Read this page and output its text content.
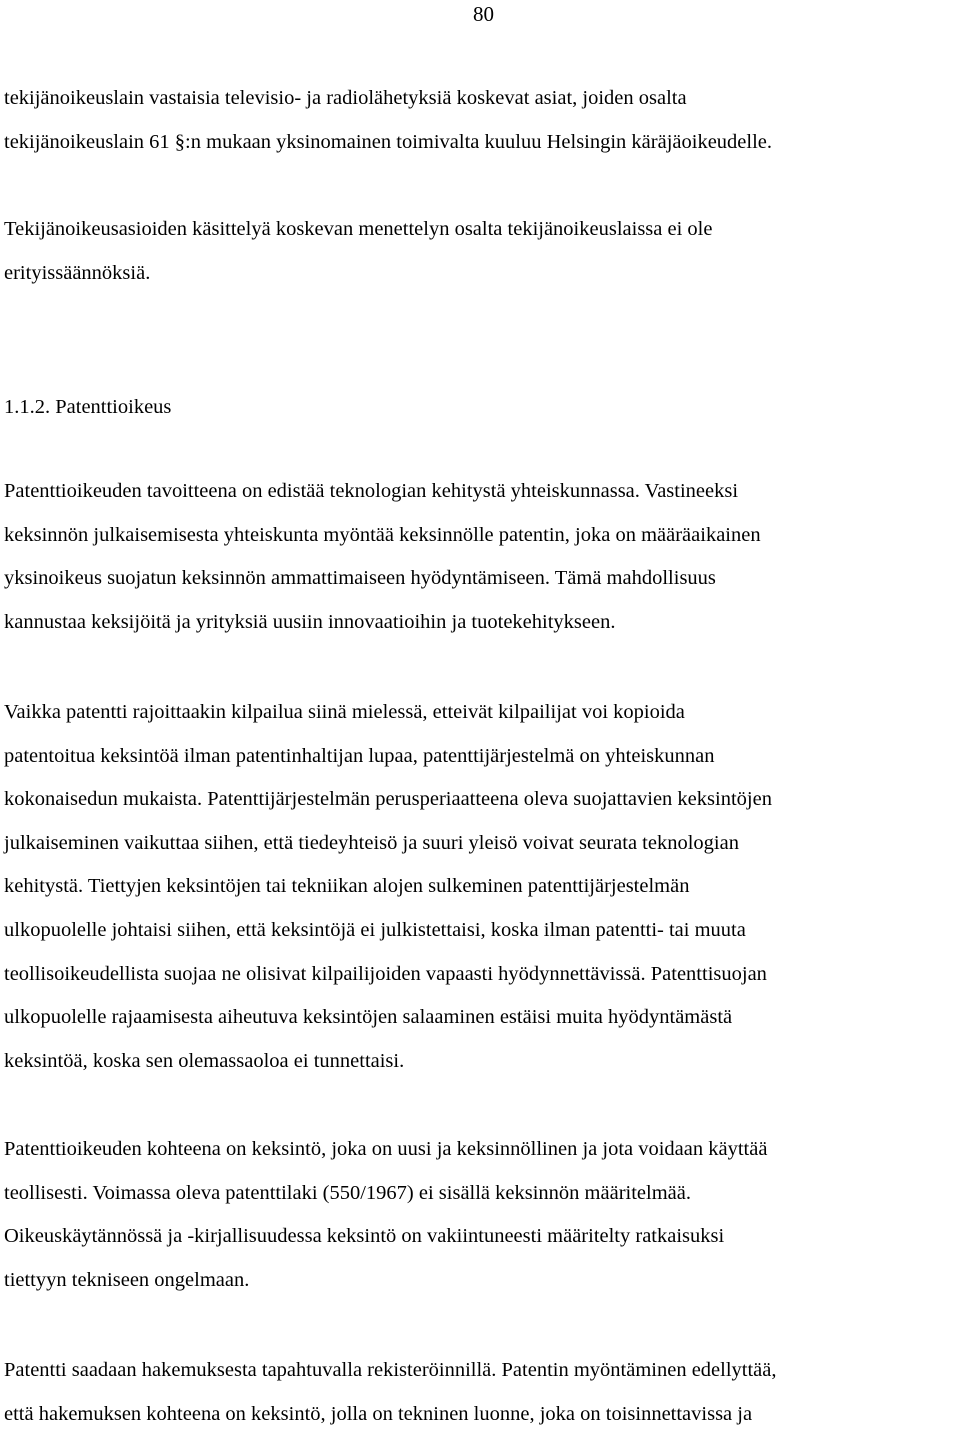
80

tekijänoikeuslain vastaisia televisio- ja radiolähetyksiä koskevat asiat, joiden osalta
tekijänoikeuslain 61 §:n mukaan yksinomainen toimivalta kuuluu Helsingin käräjäoikeudelle.

Tekijänoikeusasioiden käsittelyä koskevan menettelyn osalta tekijänoikeuslaissa ei ole
erityissäännöksiä.

1.1.2. Patenttioikeus

Patenttioikeuden tavoitteena on edistää teknologian kehitystä yhteiskunnassa. Vastineeksi
keksinnön julkaisemisesta yhteiskunta myöntää keksinnölle patentin, joka on määräaikainen
yksinoikeus suojatun keksinnön ammattimaiseen hyödyntämiseen. Tämä mahdollisuus
kannustaa keksijöitä ja yrityksiä uusiin innovaatioihin ja tuotekehitykseen.

Vaikka patentti rajoittaakin kilpailua siinä mielessä, etteivät kilpailijat voi kopioida
patentoitua keksintöä ilman patentinhaltijan lupaa, patenttijärjestelmä on yhteiskunnan
kokonaisedun mukaista. Patenttijärjestelmän perusperiaatteena oleva suojattavien keksintöjen
julkaiseminen vaikuttaa siihen, että tiedeyhteisö ja suuri yleisö voivat seurata teknologian
kehitystä. Tiettyjen keksintöjen tai tekniikan alojen sulkeminen patenttijärjestelmän
ulkopuolelle johtaisi siihen, että keksintöjä ei julkistettaisi, koska ilman patentti- tai muuta
teollisoikeudellista suojaa ne olisivat kilpailijoiden vapaasti hyödynnettävissä. Patenttisuojan
ulkopuolelle rajaamisesta aiheutuva keksintöjen salaaminen estäisi muita hyödyntämästä
keksintöä, koska sen olemassaoloa ei tunnettaisi.

Patenttioikeuden kohteena on keksintö, joka on uusi ja keksinnöllinen ja jota voidaan käyttää
teollisesti. Voimassa oleva patenttilaki (550/1967) ei sisällä keksinnön määritelmää.
Oikeuskäytännössä ja -kirjallisuudessa keksintö on vakiintuneesti määritelty ratkaisuksi
tiettyyn tekniseen ongelmaan.

Patentti saadaan hakemuksesta tapahtuvalla rekisteröinnillä. Patentin myöntäminen edellyttää,
että hakemuksen kohteena on keksintö, jolla on tekninen luonne, joka on toisinnettavissa ja
